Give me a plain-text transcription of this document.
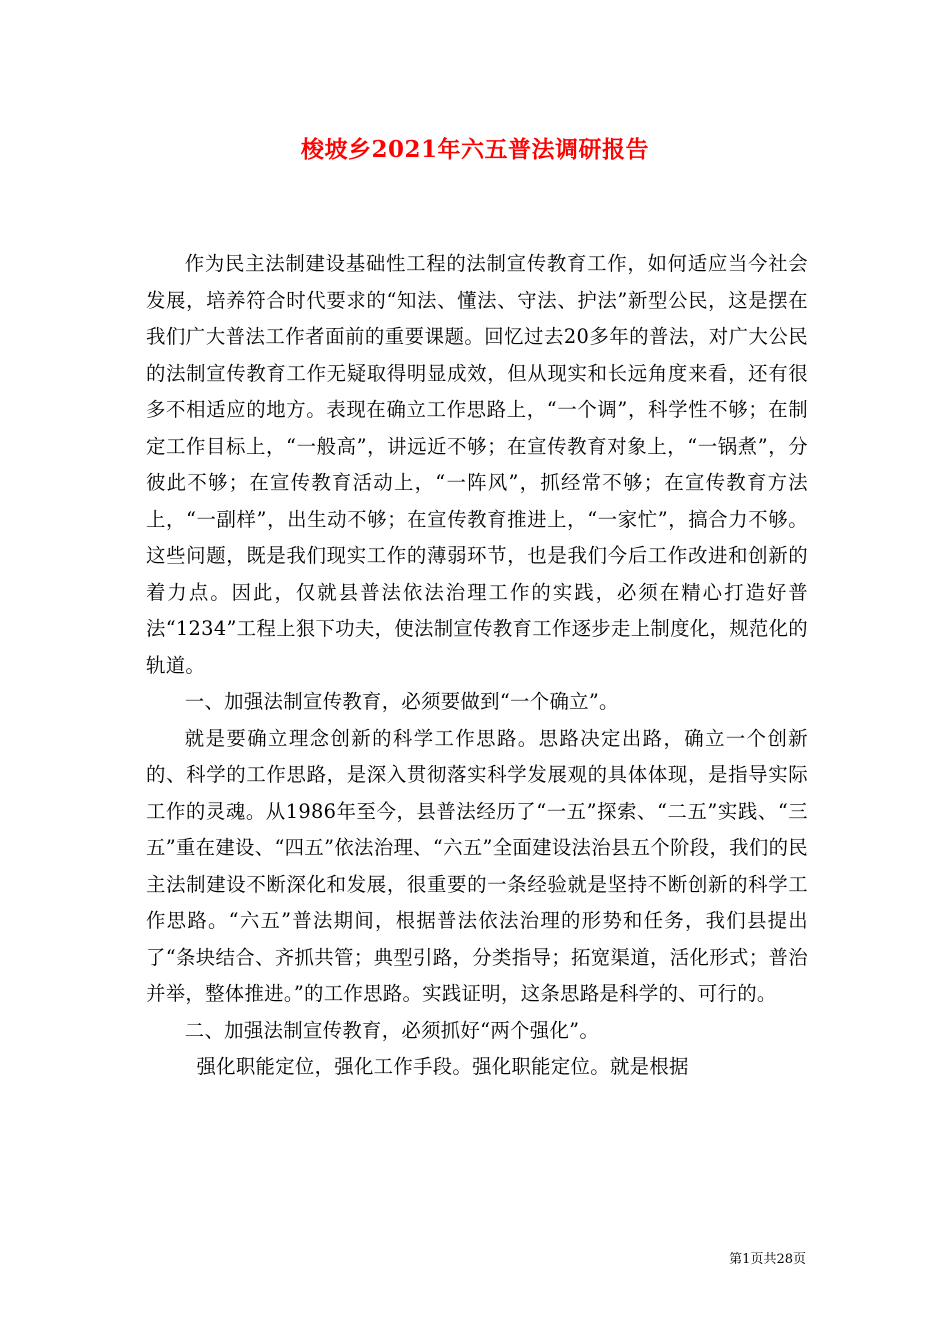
梭坡乡2021年六五普法调研报告

作为民主法制建设基础性工程的法制宣传教育工作，如何适应当今社会发展，培养符合时代要求的“知法、懂法、守法、护法”新型公民，这是摆在我们广大普法工作者面前的重要课题。回忆过去20多年的普法，对广大公民的法制宣传教育工作无疑取得明显成效，但从现实和长远角度来看，还有很多不相适应的地方。表现在确立工作思路上，“一个调”，科学性不够；在制定工作目标上，“一般高”，讲远近不够；在宣传教育对象上，“一锅煮”，分彼此不够；在宣传教育活动上，“一阵风”，抓经常不够；在宣传教育方法上，“一副样”，出生动不够；在宣传教育推进上，“一家忙”，搞合力不够。这些问题，既是我们现实工作的薄弱环节，也是我们今后工作改进和创新的着力点。因此，仅就县普法依法治理工作的实践，必须在精心打造好普法“1234”工程上狠下功夫，使法制宣传教育工作逐步走上制度化，规范化的轨道。

一、加强法制宣传教育，必须要做到“一个确立”。

就是要确立理念创新的科学工作思路。思路决定出路，确立一个创新的、科学的工作思路，是深入贯彻落实科学发展观的具体体现，是指导实际工作的灵魂。从1986年至今，县普法经历了“一五”探索、“二五”实践、“三五”重在建设、“四五”依法治理、“六五”全面建设法治县五个阶段，我们的民主法制建设不断深化和发展，很重要的一条经验就是坚持不断创新的科学工作思路。“六五”普法期间，根据普法依法治理的形势和任务，我们县提出了“条块结合、齐抓共管；典型引路，分类指导；拓宽渠道，活化形式；普治并举，整体推进。”的工作思路。实践证明，这条思路是科学的、可行的。

二、加强法制宣传教育，必须抓好“两个强化”。

强化职能定位，强化工作手段。强化职能定位。就是根据

第1页共28页
